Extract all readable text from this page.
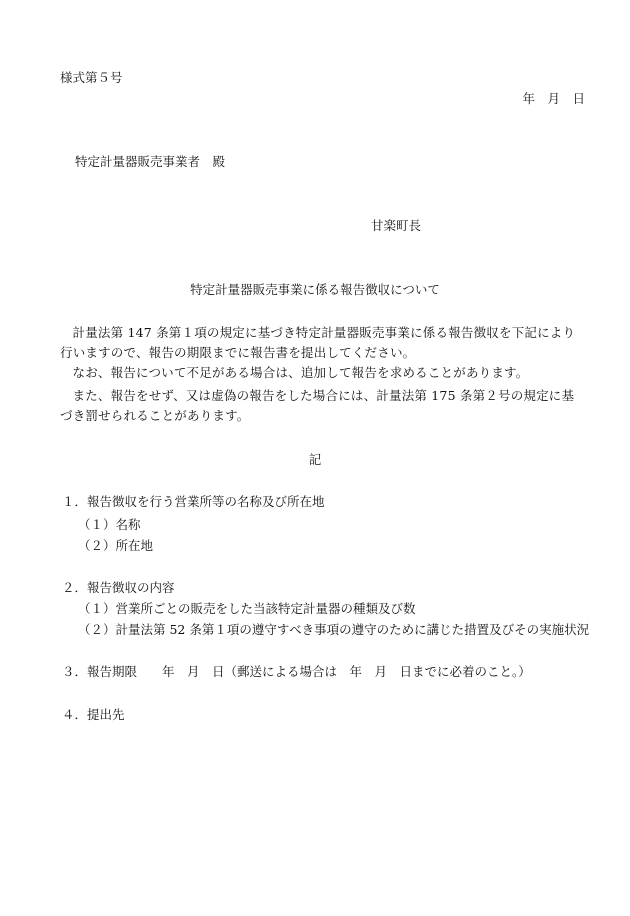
様式第５号
年　月　日
特定計量器販売事業者　殿
甘楽町長
特定計量器販売事業に係る報告徴収について
計量法第 147 条第１項の規定に基づき特定計量器販売事業に係る報告徴収を下記により行いますので、報告の期限までに報告書を提出してください。
なお、報告について不足がある場合は、追加して報告を求めることがあります。
また、報告をせず、又は虚偽の報告をした場合には、計量法第 175 条第２号の規定に基づき罰せられることがあります。
記
１．報告徴収を行う営業所等の名称及び所在地
（１）名称
（２）所在地
２．報告徴収の内容
（１）営業所ごとの販売をした当該特定計量器の種類及び数
（２）計量法第 52 条第１項の遵守すべき事項の遵守のために講じた措置及びその実施状況
３．報告期限　　年　月　日（郵送による場合は　年　月　日までに必着のこと。）
４．提出先
